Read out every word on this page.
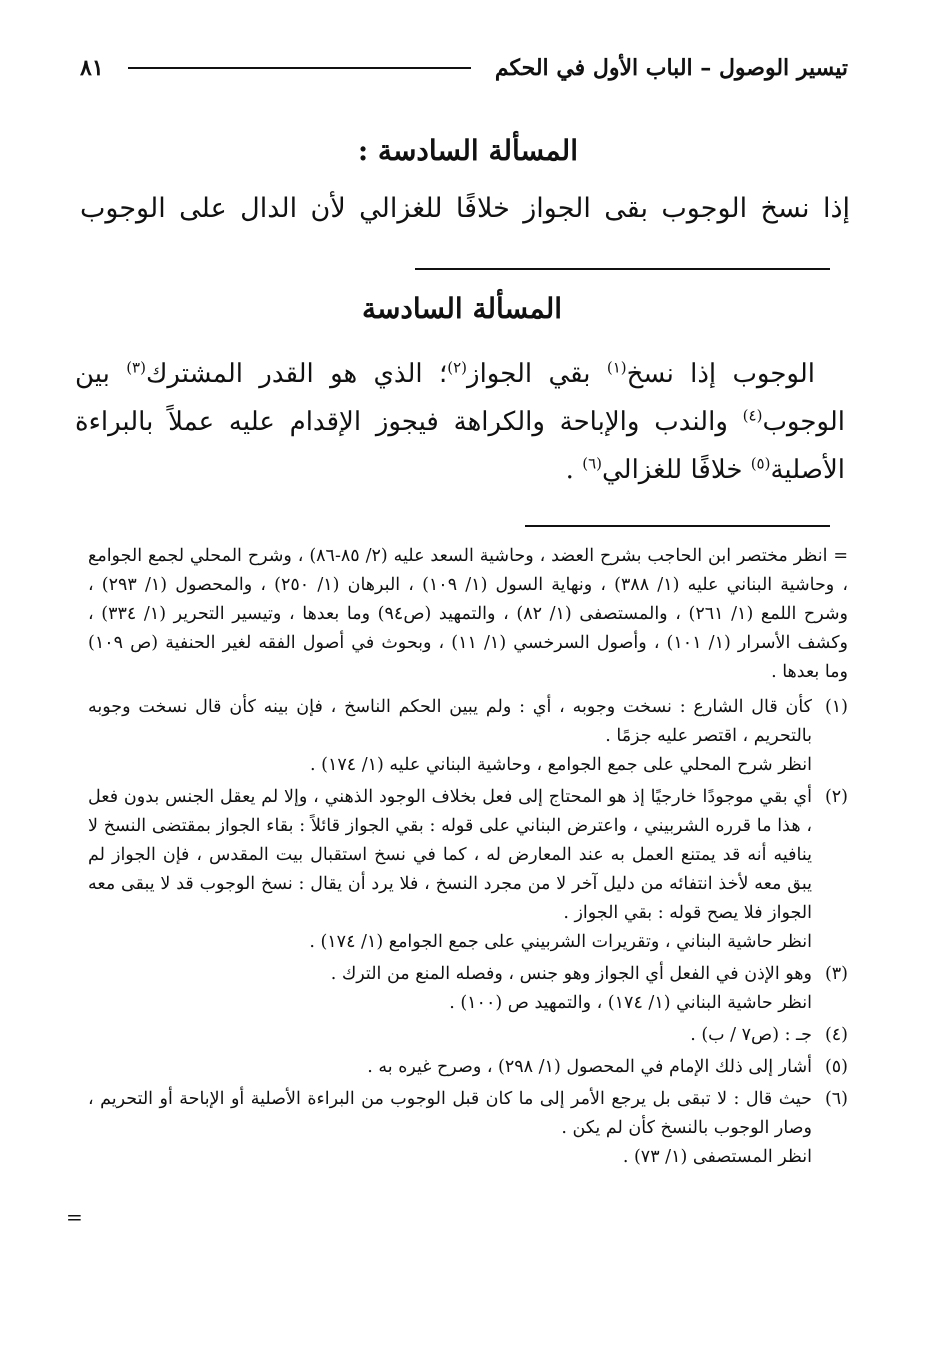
تيسير الوصول – الباب الأول في الحكم
٨١
المسألة السادسة :
إذا نسخ الوجوب بقى الجواز خلافًا للغزالي لأن الدال على الوجوب
المسألة السادسة

الوجوب إذا نسخ$^{(١)}$ بقي الجواز$^{(٢)}$؛ الذي هو القدر المشترك$^{(٣)}$ بين الوجوب$^{(٤)}$ والندب والإباحة والكراهة فيجوز الإقدام عليه عملاً بالبراءة الأصلية$^{(٥)}$ خلافًا للغزالي$^{(٦)}$ .

= انظر مختصر ابن الحاجب بشرح العضد ، وحاشية السعد عليه (٢/ ٨٥-٨٦) ، وشرح المحلي لجمع الجوامع ، وحاشية البناني عليه (١/ ٣٨٨) ، ونهاية السول (١/ ١٠٩) ، البرهان (١/ ٢٥٠) ، والمحصول (١/ ٢٩٣) ، وشرح اللمع (١/ ٢٦١) ، والمستصفى (١/ ٨٢) ، والتمهيد (ص٩٤) وما بعدها ، وتيسير التحرير (١/ ٣٣٤) ، وكشف الأسرار (١/ ١٠١) ، وأصول السرخسي (١/ ١١) ، وبحوث في أصول الفقه لغير الحنفية (ص ١٠٩) وما بعدها .

(١)

كأن قال الشارع : نسخت وجوبه ، أي : ولم يبين الحكم الناسخ ، فإن بينه كأن قال نسخت وجوبه بالتحريم ، اقتصر عليه جزمًا .

انظر شرح المحلي على جمع الجوامع ، وحاشية البناني عليه (١/ ١٧٤) .

(٢)

أي بقي موجودًا خارجيًا إذ هو المحتاج إلى فعل بخلاف الوجود الذهني ، وإلا لم يعقل الجنس بدون فعل ، هذا ما قرره الشربيني ، واعترض البناني على قوله : بقي الجواز قائلاً : بقاء الجواز بمقتضى النسخ لا ينافيه أنه قد يمتنع العمل به عند المعارض له ، كما في نسخ استقبال بيت المقدس ، فإن الجواز لم يبق معه لأخذ انتفائه من دليل آخر لا من مجرد النسخ ، فلا يرد أن يقال : نسخ الوجوب قد لا يبقى معه الجواز فلا يصح قوله : بقي الجواز .

انظر حاشية البناني ، وتقريرات الشربيني على جمع الجوامع (١/ ١٧٤) .

(٣)

وهو الإذن في الفعل أي الجواز وهو جنس ، وفصله المنع من الترك .

انظر حاشية البناني (١/ ١٧٤) ، والتمهيد ص (١٠٠) .

(٤)

جـ : (ص٧ / ب) .

(٥)

أشار إلى ذلك الإمام في المحصول (١/ ٢٩٨) ، وصرح غيره به .

(٦)

حيث قال : لا تبقى بل يرجع الأمر إلى ما كان قبل الوجوب من البراءة الأصلية أو الإباحة أو التحريم ، وصار الوجوب بالنسخ كأن لم يكن .

انظر المستصفى (١/ ٧٣) .

=
